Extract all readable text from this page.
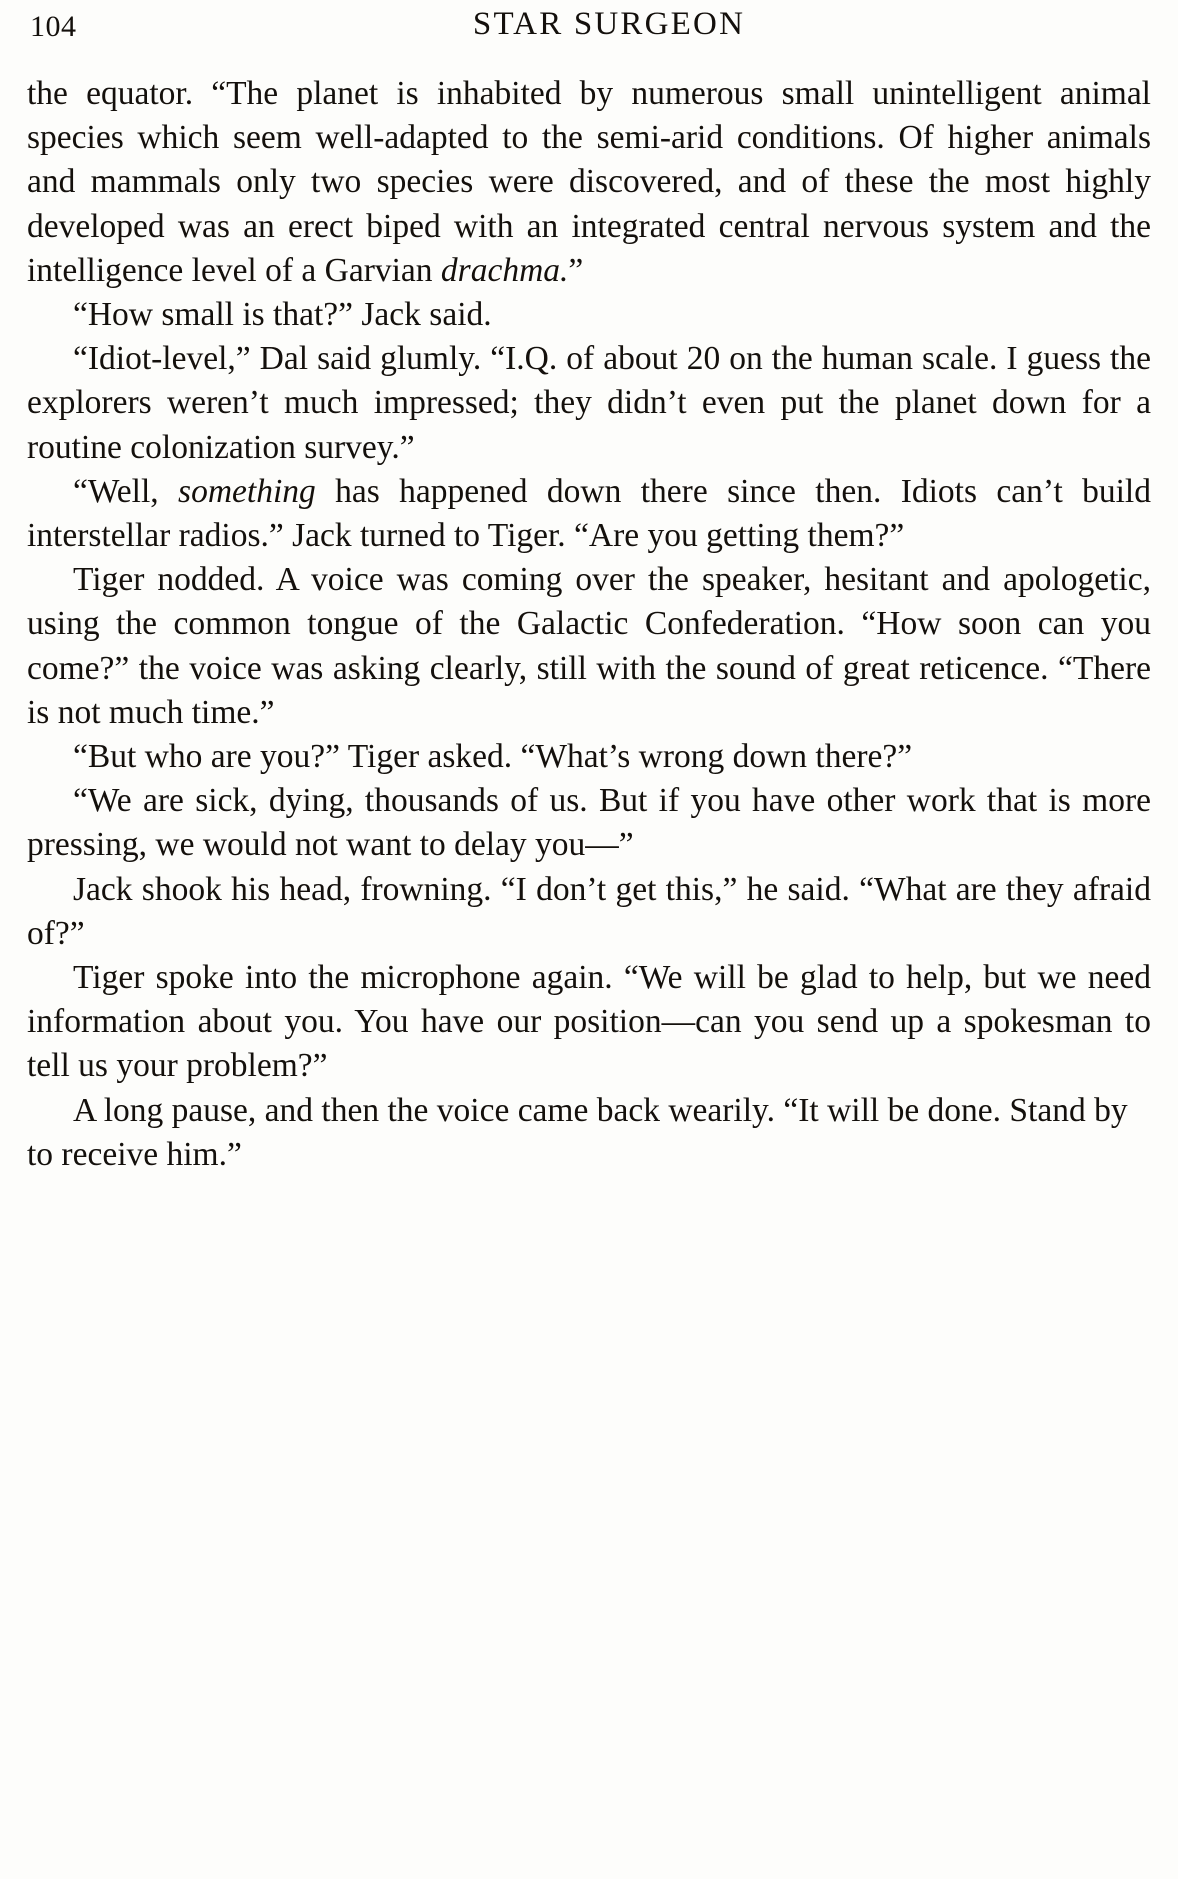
104	STAR SURGEON

the equator. “The planet is inhabited by numerous small unintelligent animal species which seem well-adapted to the semi-arid conditions. Of higher animals and mammals only two species were discovered, and of these the most highly developed was an erect biped with an integrated central nervous system and the intelligence level of a Garvian drachma.”

“How small is that?” Jack said.

“Idiot-level,” Dal said glumly. “I.Q. of about 20 on the human scale. I guess the explorers weren’t much impressed; they didn’t even put the planet down for a routine colonization survey.”

“Well, something has happened down there since then. Idiots can’t build interstellar radios.” Jack turned to Tiger. “Are you getting them?”

Tiger nodded. A voice was coming over the speaker, hesitant and apologetic, using the common tongue of the Galactic Confederation. “How soon can you come?” the voice was asking clearly, still with the sound of great reticence. “There is not much time.”

“But who are you?” Tiger asked. “What’s wrong down there?”

“We are sick, dying, thousands of us. But if you have other work that is more pressing, we would not want to delay you—”

Jack shook his head, frowning. “I don’t get this,” he said. “What are they afraid of?”

Tiger spoke into the microphone again. “We will be glad to help, but we need information about you. You have our position—can you send up a spokesman to tell us your problem?”

A long pause, and then the voice came back wearily. “It will be done. Stand by to receive him.”
